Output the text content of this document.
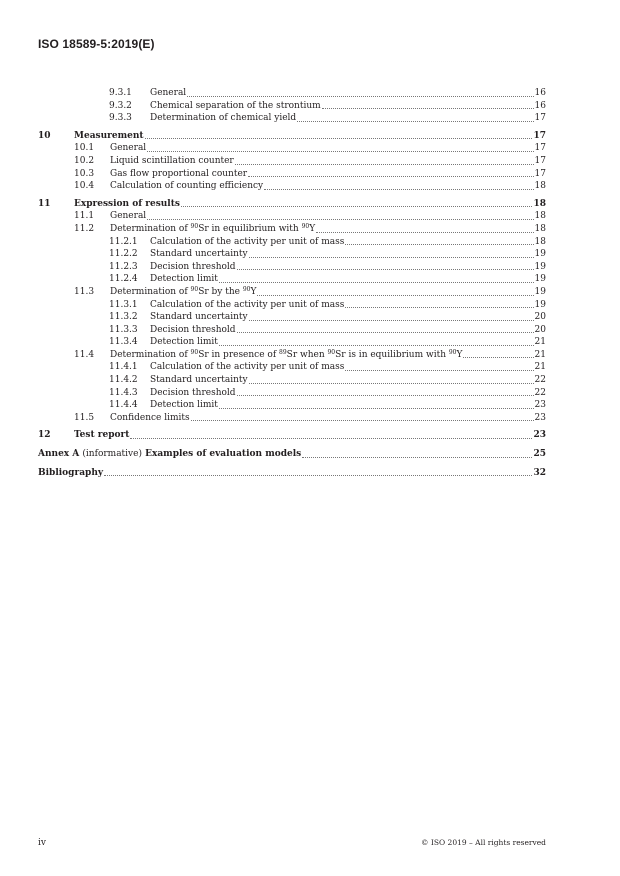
ISO 18589-5:2019(E)
9.3.1	General	16
9.3.2	Chemical separation of the strontium	16
9.3.3	Determination of chemical yield	17
10	Measurement	17
10.1	General	17
10.2	Liquid scintillation counter	17
10.3	Gas flow proportional counter	17
10.4	Calculation of counting efficiency	18
11	Expression of results	18
11.1	General	18
11.2	Determination of $^{90}$Sr in equilibrium with $^{90}$Y	18
11.2.1	Calculation of the activity per unit of mass	18
11.2.2	Standard uncertainty	19
11.2.3	Decision threshold	19
11.2.4	Detection limit	19
11.3	Determination of $^{90}$Sr by the $^{90}$Y	19
11.3.1	Calculation of the activity per unit of mass	19
11.3.2	Standard uncertainty	20
11.3.3	Decision threshold	20
11.3.4	Detection limit	21
11.4	Determination of $^{90}$Sr in presence of $^{89}$Sr when $^{90}$Sr is in equilibrium with $^{90}$Y	21
11.4.1	Calculation of the activity per unit of mass	21
11.4.2	Standard uncertainty	22
11.4.3	Decision threshold	22
11.4.4	Detection limit	23
11.5	Confidence limits	23
12	Test report	23
Annex A (informative) Examples of evaluation models	25
Bibliography	32
iv	© ISO 2019 – All rights reserved
